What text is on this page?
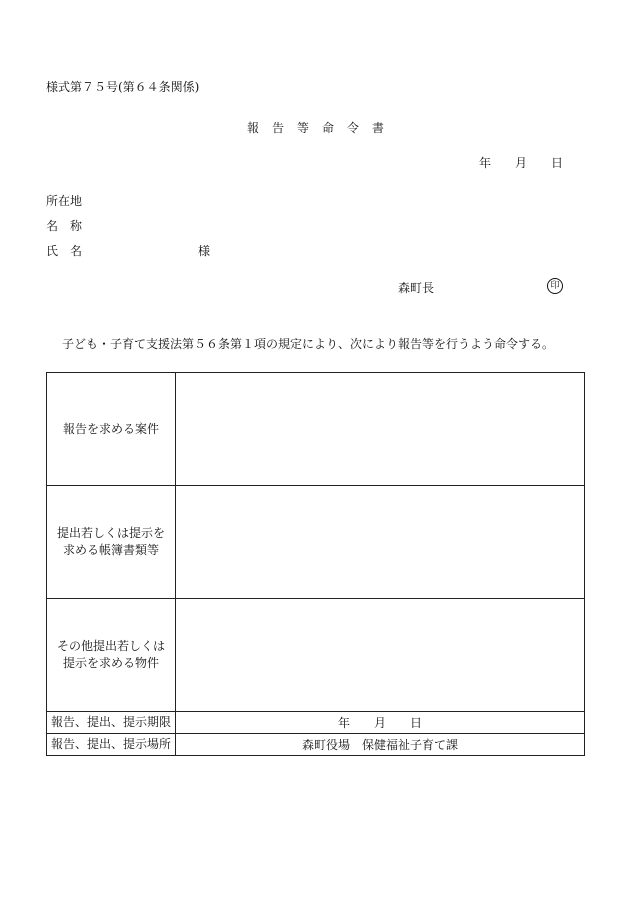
様式第７５号(第６４条関係)
報告等命令書
年　　月　　日
所在地
名　称
氏　名	様
森町長	印
子ども・子育て支援法第５６条第１項の規定により、次により報告等を行うよう命令する。
報告を求める案件	

提出若しくは提示を
求める帳簿書類等	

その他提出若しくは
提示を求める物件	

報告、提出、提示期限	年　　月　　日
報告、提出、提示場所	森町役場　保健福祉子育て課
